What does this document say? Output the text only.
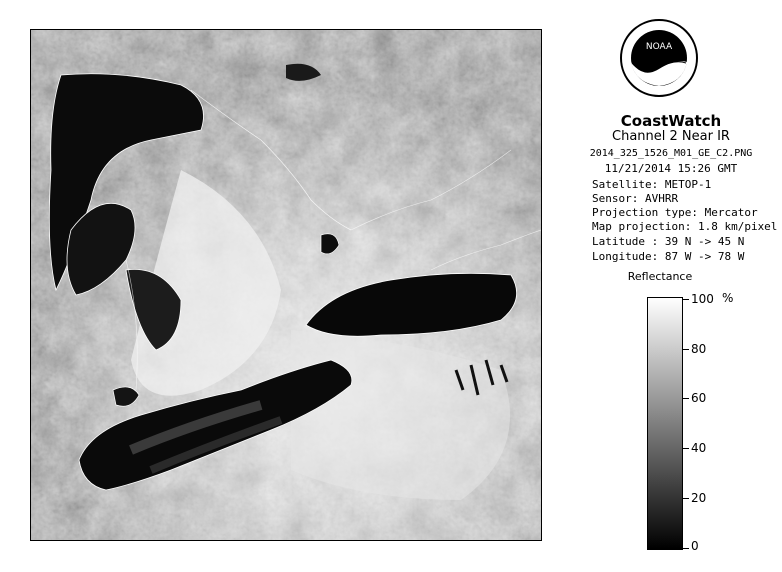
NOAA
CoastWatch
Channel 2 Near IR
2014_325_1526_M01_GE_C2.PNG
11/21/2014 15:26 GMT
Satellite: METOP-1
Sensor: AVHRR
Projection type: Mercator
Map projection: 1.8 km/pixel
Latitude : 39 N -> 45 N
Longitude: 87 W -> 78 W
Reflectance
100
80
60
40
20
0
%
